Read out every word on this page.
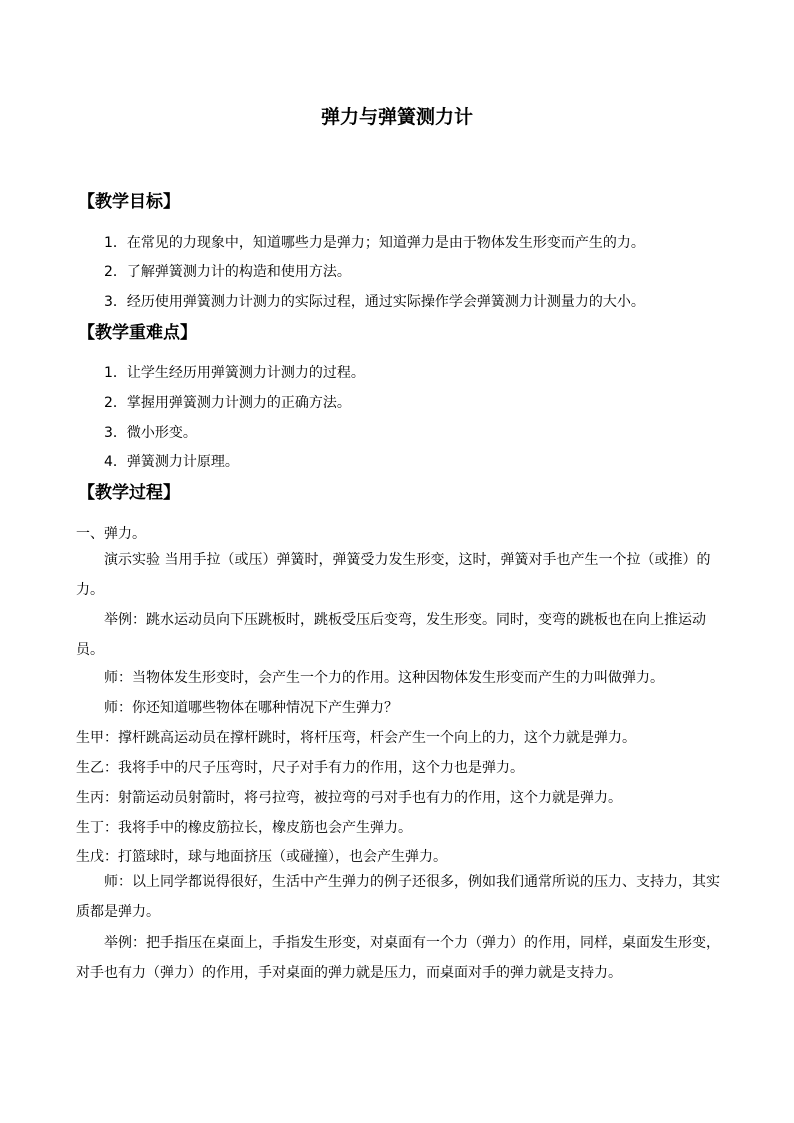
弹力与弹簧测力计
【教学目标】
1．在常见的力现象中，知道哪些力是弹力；知道弹力是由于物体发生形变而产生的力。
2．了解弹簧测力计的构造和使用方法。
3．经历使用弹簧测力计测力的实际过程，通过实际操作学会弹簧测力计测量力的大小。
【教学重难点】
1．让学生经历用弹簧测力计测力的过程。
2．掌握用弹簧测力计测力的正确方法。
3．微小形变。
4．弹簧测力计原理。
【教学过程】
一、弹力。
演示实验 当用手拉（或压）弹簧时，弹簧受力发生形变，这时，弹簧对手也产生一个拉（或推）的力。
举例：跳水运动员向下压跳板时，跳板受压后变弯，发生形变。同时，变弯的跳板也在向上推运动员。
师：当物体发生形变时，会产生一个力的作用。这种因物体发生形变而产生的力叫做弹力。
师：你还知道哪些物体在哪种情况下产生弹力？
生甲：撑杆跳高运动员在撑杆跳时，将杆压弯，杆会产生一个向上的力，这个力就是弹力。
生乙：我将手中的尺子压弯时，尺子对手有力的作用，这个力也是弹力。
生丙：射箭运动员射箭时，将弓拉弯，被拉弯的弓对手也有力的作用，这个力就是弹力。
生丁：我将手中的橡皮筋拉长，橡皮筋也会产生弹力。
生戊：打篮球时，球与地面挤压（或碰撞），也会产生弹力。
师：以上同学都说得很好，生活中产生弹力的例子还很多，例如我们通常所说的压力、支持力，其实质都是弹力。
举例：把手指压在桌面上，手指发生形变，对桌面有一个力（弹力）的作用，同样，桌面发生形变，对手也有力（弹力）的作用，手对桌面的弹力就是压力，而桌面对手的弹力就是支持力。
